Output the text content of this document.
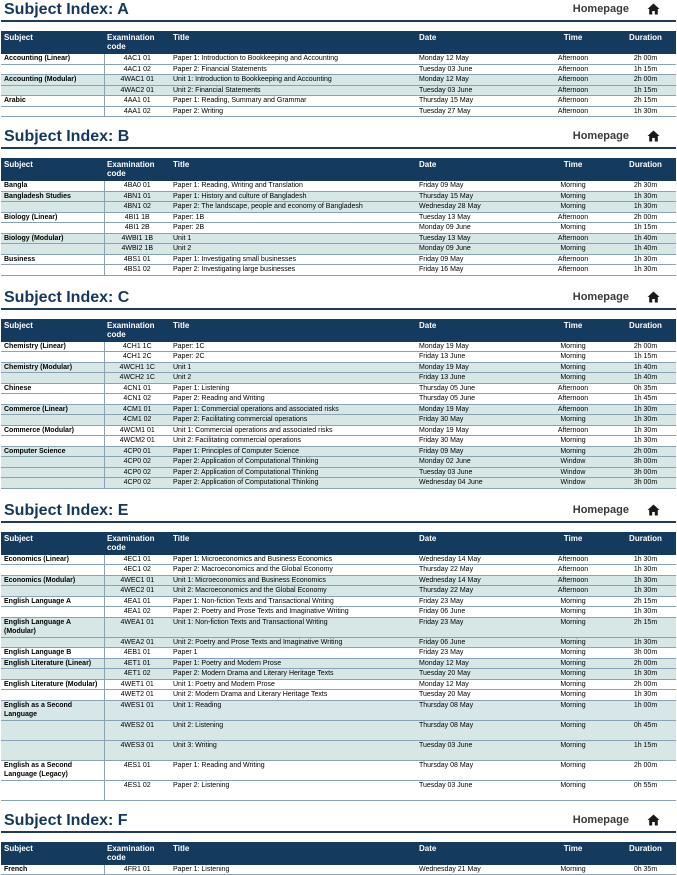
Subject Index: A	Homepage
Subject	Examination code	Title	Date	Time	Duration
Accounting (Linear)	4AC1 01	Paper 1: Introduction to Bookkeeping and Accounting	Monday 12 May	Afternoon	2h 00m
	4AC1 02	Paper 2: Financial Statements	Tuesday 03 June	Afternoon	1h 15m
Accounting (Modular)	4WAC1 01	Unit 1: Introduction to Bookkeeping and Accounting	Monday 12 May	Afternoon	2h 00m
	4WAC2 01	Unit 2: Financial Statements	Tuesday 03 June	Afternoon	1h 15m
Arabic	4AA1 01	Paper 1: Reading, Summary and Grammar	Thursday 15 May	Afternoon	2h 15m
	4AA1 02	Paper 2: Writing	Tuesday 27 May	Afternoon	1h 30m
Subject Index: B	Homepage
Subject	Examination code	Title	Date	Time	Duration
Bangla	4BA0 01	Paper 1: Reading, Writing and Translation	Friday 09 May	Morning	2h 30m
Bangladesh Studies	4BN1 01	Paper 1: History and culture of Bangladesh	Thursday 15 May	Morning	1h 30m
	4BN1 02	Paper 2: The landscape, people and economy of Bangladesh	Wednesday 28 May	Morning	1h 30m
Biology (Linear)	4BI1 1B	Paper: 1B	Tuesday 13 May	Afternoon	2h 00m
	4BI1 2B	Paper: 2B	Monday 09 June	Morning	1h 15m
Biology (Modular)	4WBI1 1B	Unit 1	Tuesday 13 May	Afternoon	1h 40m
	4WBI2 1B	Unit 2	Monday 09 June	Morning	1h 40m
Business	4BS1 01	Paper 1: Investigating small businesses	Friday 09 May	Afternoon	1h 30m
	4BS1 02	Paper 2: Investigating large businesses	Friday 16 May	Afternoon	1h 30m
Subject Index: C	Homepage
Subject	Examination code	Title	Date	Time	Duration
Chemistry (Linear)	4CH1 1C	Paper: 1C	Monday 19 May	Morning	2h 00m
	4CH1 2C	Paper: 2C	Friday 13 June	Morning	1h 15m
Chemistry (Modular)	4WCH1 1C	Unit 1	Monday 19 May	Morning	1h 40m
	4WCH2 1C	Unit 2	Friday 13 June	Morning	1h 40m
Chinese	4CN1 01	Paper 1: Listening	Thursday 05 June	Afternoon	0h 35m
	4CN1 02	Paper 2: Reading and Writing	Thursday 05 June	Afternoon	1h 45m
Commerce (Linear)	4CM1 01	Paper 1: Commercial operations and associated risks	Monday 19 May	Afternoon	1h 30m
	4CM1 02	Paper 2: Facilitating commercial operations	Friday 30 May	Morning	1h 30m
Commerce (Modular)	4WCM1 01	Unit 1: Commercial operations and associated risks	Monday 19 May	Afternoon	1h 30m
	4WCM2 01	Unit 2: Facilitating commercial operations	Friday 30 May	Morning	1h 30m
Computer Science	4CP0 01	Paper 1: Principles of Computer Science	Friday 09 May	Morning	2h 00m
	4CP0 02	Paper 2: Application of Computational Thinking	Monday 02 June	Window	3h 00m
	4CP0 02	Paper 2: Application of Computational Thinking	Tuesday 03 June	Window	3h 00m
	4CP0 02	Paper 2: Application of Computational Thinking	Wednesday 04 June	Window	3h 00m
Subject Index: E	Homepage
Subject	Examination code	Title	Date	Time	Duration
Economics (Linear)	4EC1 01	Paper 1: Microeconomics and Business Economics	Wednesday 14 May	Afternoon	1h 30m
	4EC1 02	Paper 2: Macroeconomics and the Global Economy	Thursday 22 May	Afternoon	1h 30m
Economics (Modular)	4WEC1 01	Unit 1: Microeconomics and Business Economics	Wednesday 14 May	Afternoon	1h 30m
	4WEC2 01	Unit 2: Macroeconomics and the Global Economy	Thursday 22 May	Afternoon	1h 30m
English Language A	4EA1 01	Paper 1: Non-fiction Texts and Transactional Writing	Friday 23 May	Morning	2h 15m
	4EA1 02	Paper 2: Poetry and Prose Texts and Imaginative Writing	Friday 06 June	Morning	1h 30m
English Language A (Modular)	4WEA1 01	Unit 1: Non-fiction Texts and Transactional Writing	Friday 23 May	Morning	2h 15m
	4WEA2 01	Unit 2: Poetry and Prose Texts and Imaginative Writing	Friday 06 June	Morning	1h 30m
English Language B	4EB1 01	Paper 1	Friday 23 May	Morning	3h 00m
English Literature (Linear)	4ET1 01	Paper 1: Poetry and Modern Prose	Monday 12 May	Morning	2h 00m
	4ET1 02	Paper 2: Modern Drama and Literary Heritage Texts	Tuesday 20 May	Morning	1h 30m
English Literature (Modular)	4WET1 01	Unit 1: Poetry and Modern Prose	Monday 12 May	Morning	2h 00m
	4WET2 01	Unit 2: Modern Drama and Literary Heritage Texts	Tuesday 20 May	Morning	1h 30m
English as a Second Language	4WES1 01	Unit 1: Reading	Thursday 08 May	Morning	1h 00m
	4WES2 01	Unit 2: Listening	Thursday 08 May	Morning	0h 45m
	4WES3 01	Unit 3: Writing	Tuesday 03 June	Morning	1h 15m
English as a Second Language (Legacy)	4ES1 01	Paper 1: Reading and Writing	Thursday 08 May	Morning	2h 00m
	4ES1 02	Paper 2: Listening	Tuesday 03 June	Morning	0h 55m
Subject Index: F	Homepage
Subject	Examination code	Title	Date	Time	Duration
French	4FR1 01	Paper 1: Listening	Wednesday 21 May	Morning	0h 35m
